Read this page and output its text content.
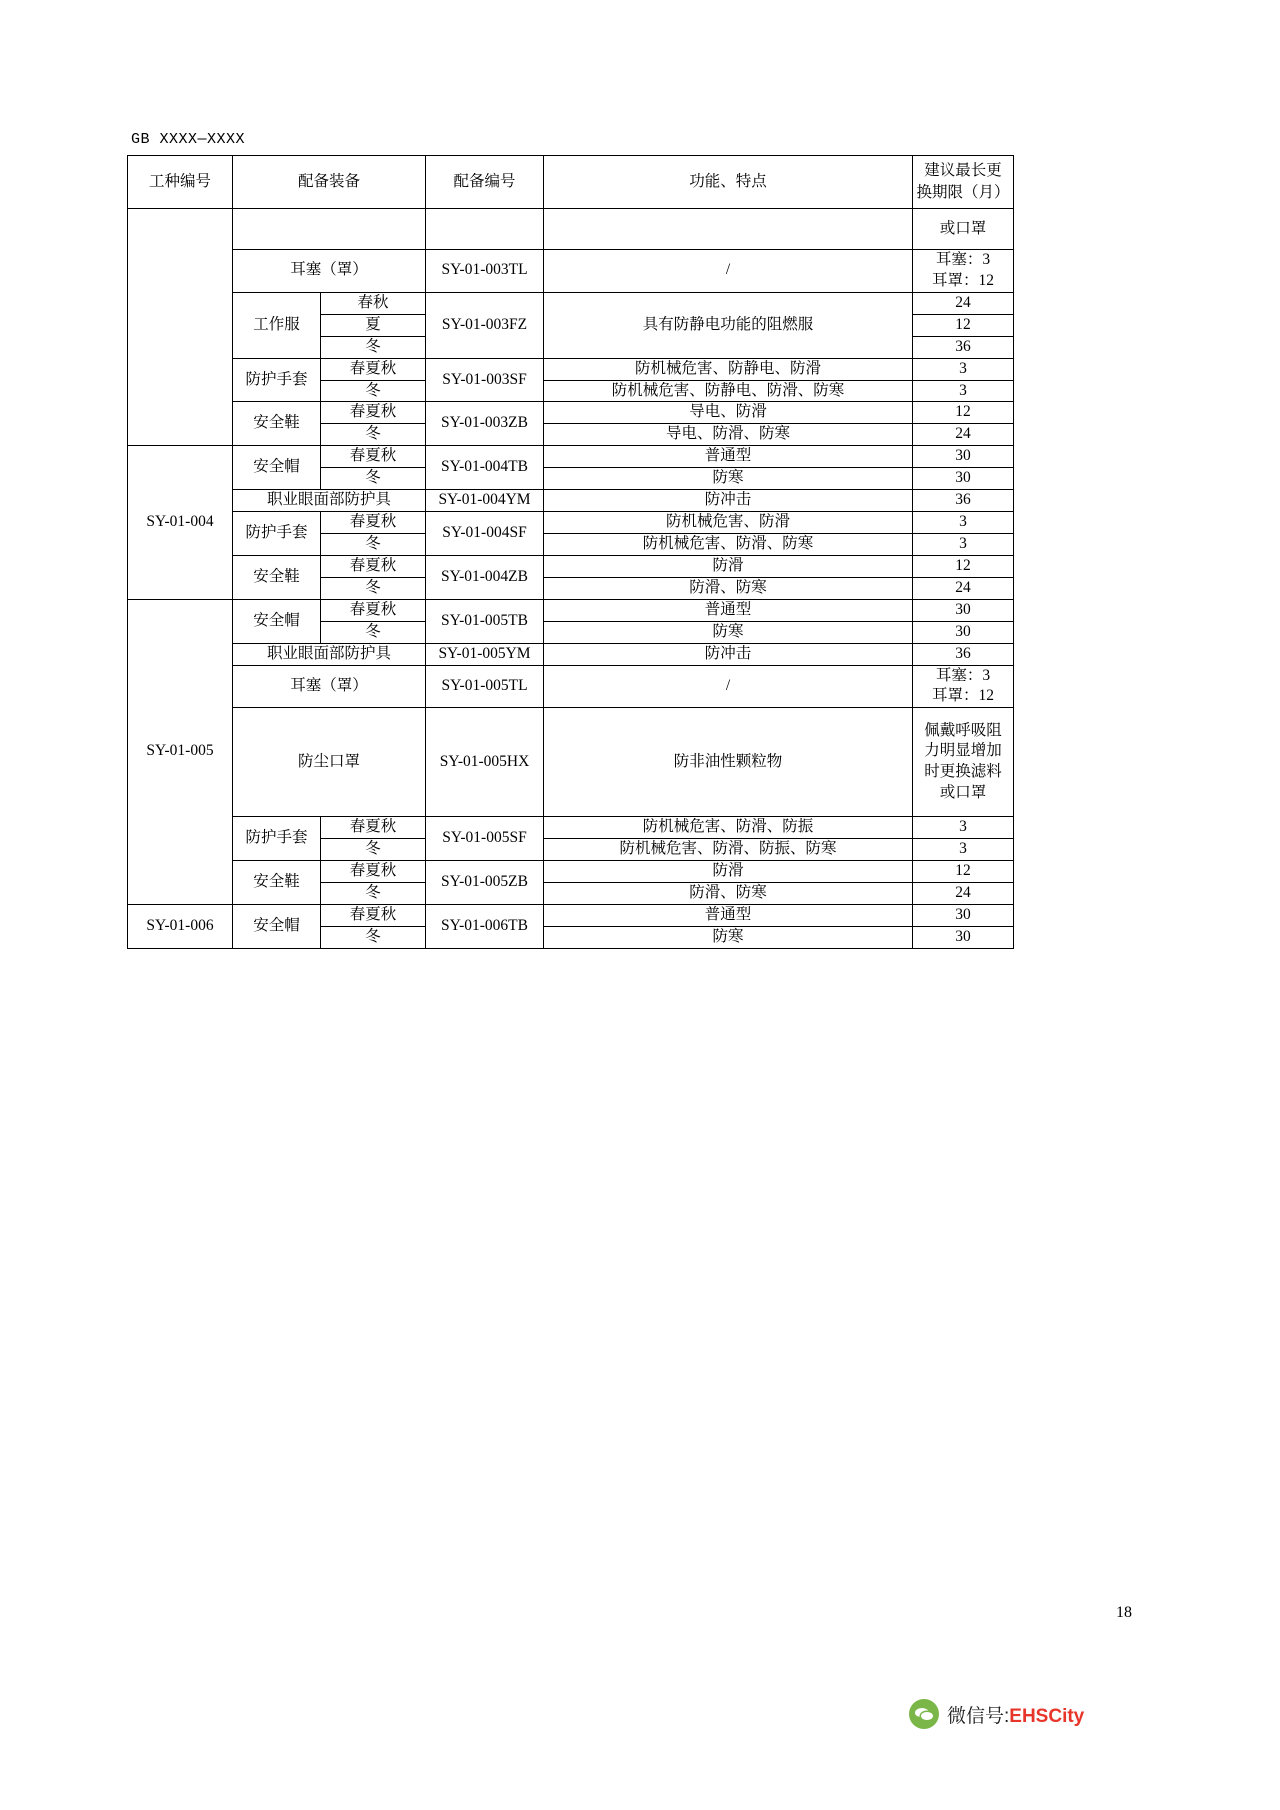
GB XXXX—XXXX
工种编号	配备装备		配备编号	功能、特点	建议最长更
换期限（月）

					或口罩
	耳塞（罩）		SY-01-003TL	/	耳塞：3
耳罩：12

	工作服	春秋	SY-01-003FZ	具有防静电功能的阻燃服	24
		夏			12
		冬			36
	防护手套	春夏秋	SY-01-003SF	防机械危害、防静电、防滑	3
		冬		防机械危害、防静电、防滑、防寒	3
	安全鞋	春夏秋	SY-01-003ZB	导电、防滑	12
		冬		导电、防滑、防寒	24
SY-01-004	安全帽	春夏秋	SY-01-004TB	普通型	30
		冬		防寒	30
	职业眼面部防护具		SY-01-004YM	防冲击	36
	防护手套	春夏秋	SY-01-004SF	防机械危害、防滑	3
		冬		防机械危害、防滑、防寒	3
	安全鞋	春夏秋	SY-01-004ZB	防滑	12
		冬		防滑、防寒	24
SY-01-005	安全帽	春夏秋	SY-01-005TB	普通型	30
		冬		防寒	30
	职业眼面部防护具		SY-01-005YM	防冲击	36
	耳塞（罩）		SY-01-005TL	/	耳塞：3
耳罩：12

	防尘口罩		SY-01-005HX	防非油性颗粒物	佩戴呼吸阻
力明显增加
时更换滤料
或口罩

	防护手套	春夏秋	SY-01-005SF	防机械危害、防滑、防振	3
		冬		防机械危害、防滑、防振、防寒	3
	安全鞋	春夏秋	SY-01-005ZB	防滑	12
		冬		防滑、防寒	24
SY-01-006	安全帽	春夏秋	SY-01-006TB	普通型	30
		冬		防寒	30
18
微信号:EHSCity
